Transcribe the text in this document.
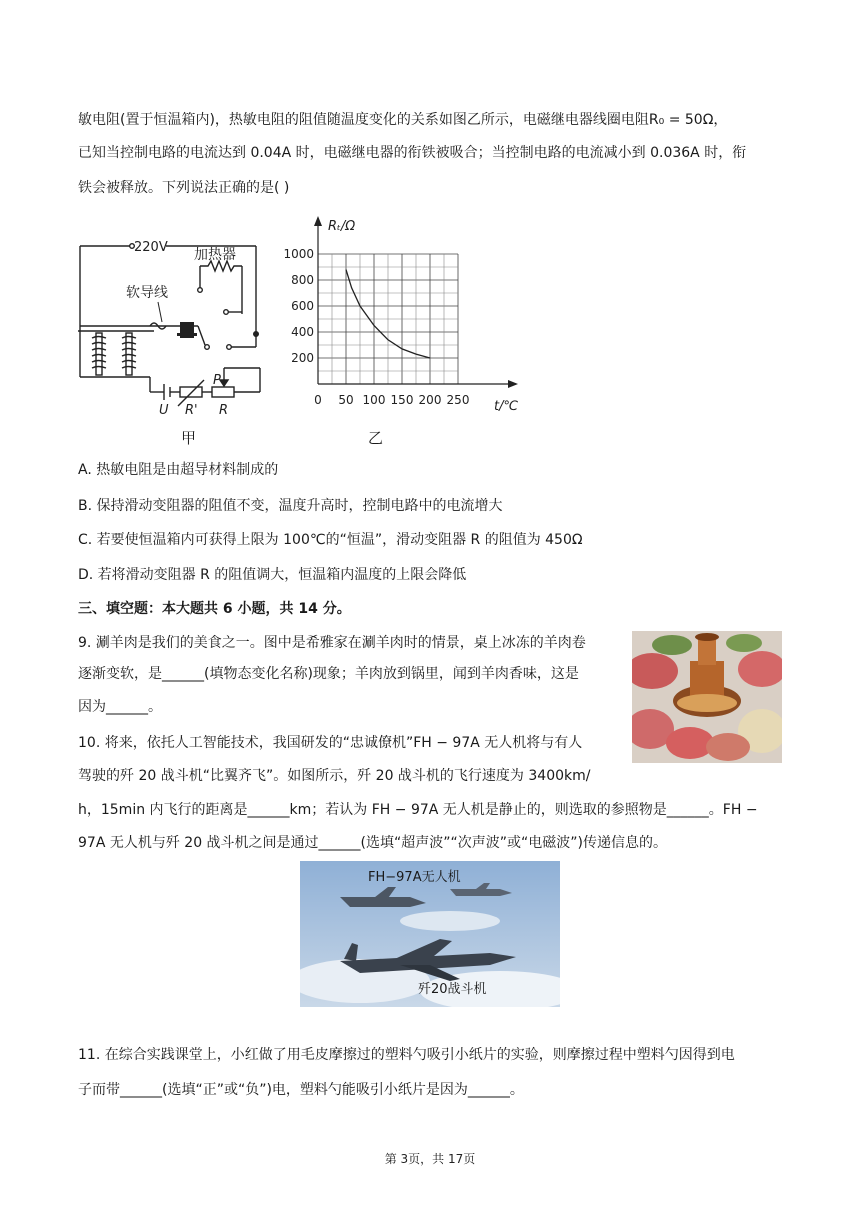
敏电阻(置于恒温箱内)，热敏电阻的阻值随温度变化的关系如图乙所示，电磁继电器线圈电阻R₀ = 50Ω，
已知当控制电路的电流达到 0.04A 时，电磁继电器的衔铁被吸合；当控制电路的电流减小到 0.036A 时，衔
铁会被释放。下列说法正确的是( )
220V 加热器
软导线
P
U R' R
甲
0 50 100 150 200 250
200
400
600
800
1000
Rₜ/Ω
t/℃
乙
A. 热敏电阻是由超导材料制成的
B. 保持滑动变阻器的阻值不变，温度升高时，控制电路中的电流增大
C. 若要使恒温箱内可获得上限为 100℃的“恒温”，滑动变阻器 R 的阻值为 450Ω
D. 若将滑动变阻器 R 的阻值调大，恒温箱内温度的上限会降低
三、填空题：本大题共 6 小题，共 14 分。
9. 涮羊肉是我们的美食之一。图中是希雅家在涮羊肉时的情景，桌上冰冻的羊肉卷
逐渐变软，是______(填物态变化名称)现象；羊肉放到锅里，闻到羊肉香味，这是
因为______。
10. 将来，依托人工智能技术，我国研发的“忠诚僚机”FH − 97A 无人机将与有人
驾驶的歼 20 战斗机“比翼齐飞”。如图所示，歼 20 战斗机的飞行速度为 3400km/
h，15min 内飞行的距离是______km；若认为 FH − 97A 无人机是静止的，则选取的参照物是______。FH −
97A 无人机与歼 20 战斗机之间是通过______(选填“超声波”“次声波”或“电磁波”)传递信息的。
FH−97A无人机
歼20战斗机
11. 在综合实践课堂上，小红做了用毛皮摩擦过的塑料勺吸引小纸片的实验，则摩擦过程中塑料勺因得到电
子而带______(选填“正”或“负”)电，塑料勺能吸引小纸片是因为______。
第 3页，共 17页
